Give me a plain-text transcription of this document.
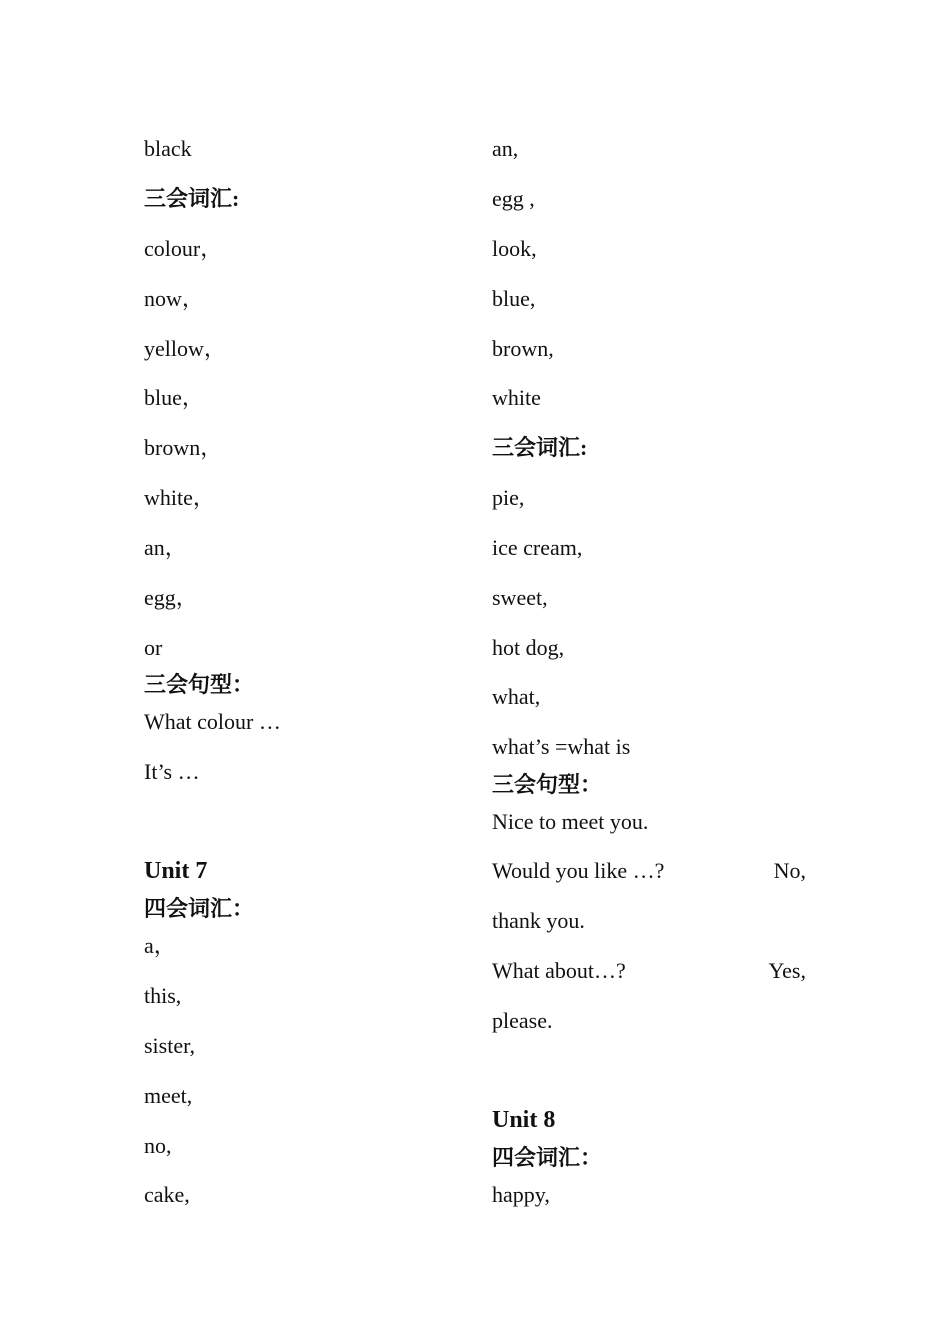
black
三会词汇:
colour，
now，
yellow，
blue，
brown，
white，
an，
egg，
or
三会句型：
What colour …
It’s …
Unit 7
四会词汇：
a，
this,
sister,
meet,
no,
cake,
an,
egg ,
look,
blue,
brown,
white
三会词汇:
pie,
ice cream,
sweet,
hot dog,
what,
what’s =what is
三会句型：
Nice to meet you.
Would you like …?	No,
thank you.
What about…?	Yes,
please.
Unit 8
四会词汇：
happy,
